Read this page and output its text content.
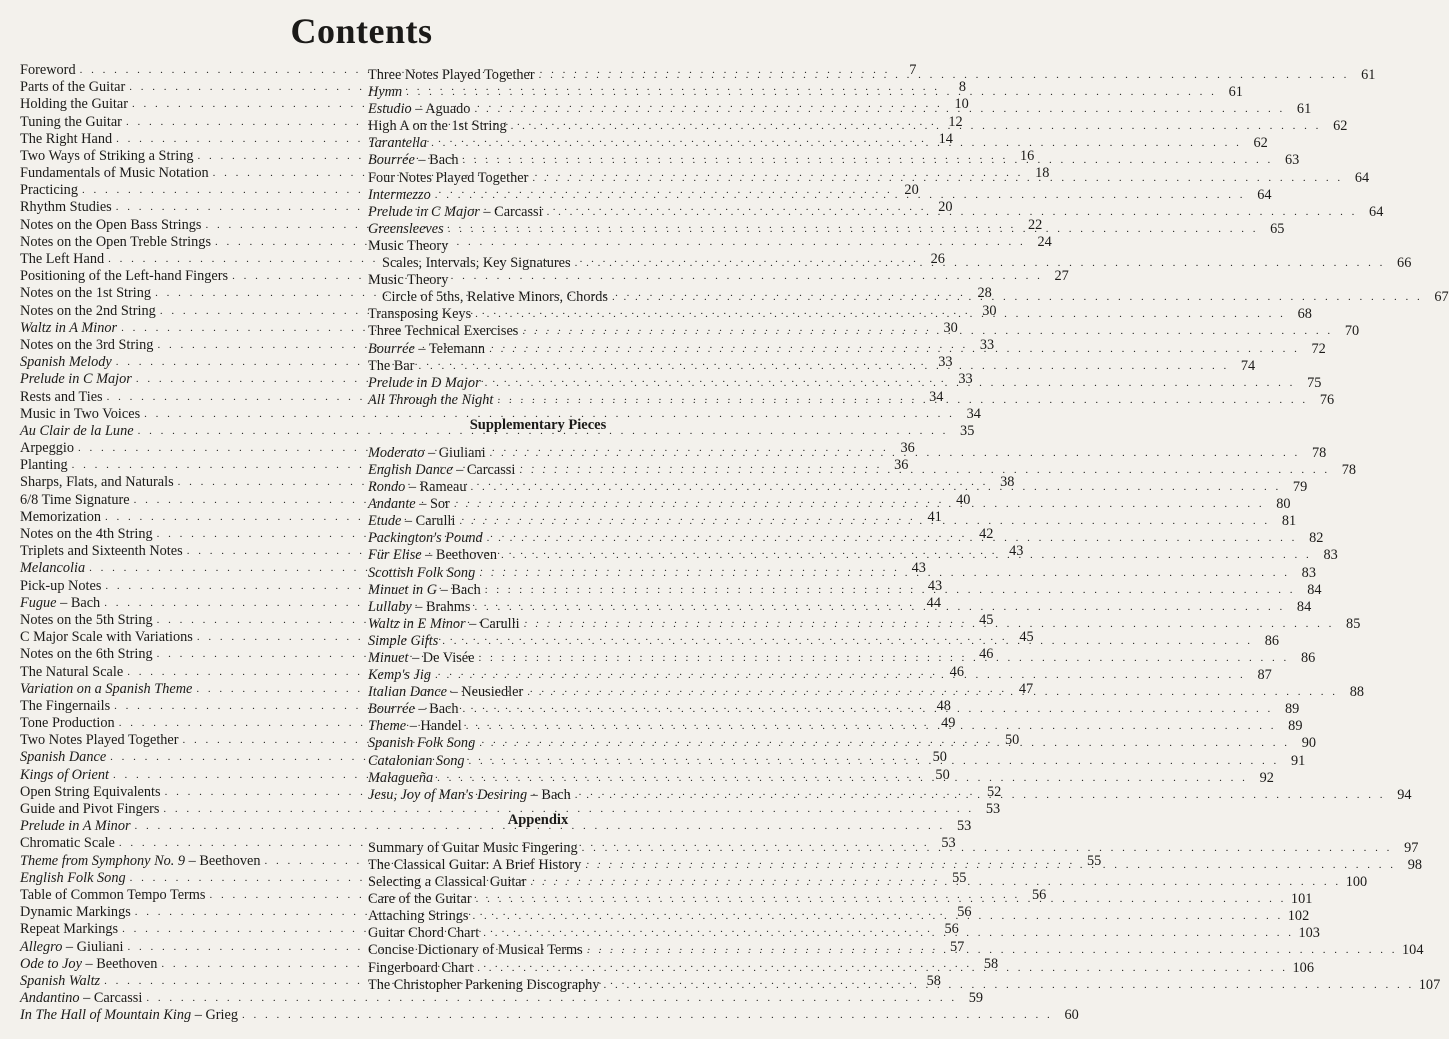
Contents
Foreword . . .	7
Parts of the Guitar . . .	8
Holding the Guitar . . .	10
Tuning the Guitar . . .	12
The Right Hand . . .	14
Two Ways of Striking a String . . .	16
Fundamentals of Music Notation . . .	18
Practicing . . .	20
Rhythm Studies . . .	20
Notes on the Open Bass Strings . . .	22
Notes on the Open Treble Strings . . .	24
The Left Hand . . .	26
Positioning of the Left-hand Fingers . . .	27
Notes on the 1st String . . .	28
Notes on the 2nd String . . .	30
Waltz in A Minor . . .	30
Notes on the 3rd String . . .	33
Spanish Melody . . .	33
Prelude in C Major . . .	33
Rests and Ties . . .	34
Music in Two Voices . . .	34
Au Clair de la Lune . . .	35
Arpeggio . . .	36
Planting . . .	36
Sharps, Flats, and Naturals . . .	38
6/8 Time Signature . . .	40
Memorization . . .	41
Notes on the 4th String . . .	42
Triplets and Sixteenth Notes . . .	43
Melancolia . . .	43
Pick-up Notes . . .	43
Fugue – Bach . . .	44
Notes on the 5th String . . .	45
C Major Scale with Variations . . .	45
Notes on the 6th String . . .	46
The Natural Scale . . .	46
Variation on a Spanish Theme . . .	47
The Fingernails . . .	48
Tone Production . . .	49
Two Notes Played Together . . .	50
Spanish Dance . . .	50
Kings of Orient . . .	50
Open String Equivalents . . .	52
Guide and Pivot Fingers . . .	53
Prelude in A Minor . . .	53
Chromatic Scale . . .	53
Theme from Symphony No. 9 – Beethoven . . .	55
English Folk Song . . .	55
Table of Common Tempo Terms . . .	56
Dynamic Markings . . .	56
Repeat Markings . . .	56
Allegro – Giuliani . . .	57
Ode to Joy – Beethoven . . .	58
Spanish Waltz . . .	58
Andantino – Carcassi . . .	59
In The Hall of Mountain King – Grieg . . .	60
Three Notes Played Together . . .	61
Hymn . . .	61
Estudio – Aguado . . .	61
High A on the 1st String . . .	62
Tarantella . . .	62
Bourrée – Bach . . .	63
Four Notes Played Together . . .	64
Intermezzo . . .	64
Prelude in C Major – Carcassi . . .	64
Greensleeves . . .	65
Music Theory
Scales, Intervals, Key Signatures . . .	66
Music Theory
Circle of 5ths, Relative Minors, Chords . . .	67
Transposing Keys . . .	68
Three Technical Exercises . . .	70
Bourrée – Telemann . . .	72
The Bar . . .	74
Prelude in D Major . . .	75
All Through the Night . . .	76
Supplementary Pieces
Moderato – Giuliani . . .	78
English Dance – Carcassi . . .	78
Rondo – Rameau . . .	79
Andante – Sor . . .	80
Etude – Carulli . . .	81
Packington's Pound . . .	82
Für Elise – Beethoven . . .	83
Scottish Folk Song . . .	83
Minuet in G – Bach . . .	84
Lullaby – Brahms . . .	84
Waltz in E Minor – Carulli . . .	85
Simple Gifts . . .	86
Minuet – De Visée . . .	86
Kemp's Jig . . .	87
Italian Dance – Neusiedler . . .	88
Bourrée – Bach . . .	89
Theme – Handel . . .	89
Spanish Folk Song . . .	90
Catalonian Song . . .	91
Malagueña . . .	92
Jesu, Joy of Man's Desiring – Bach . . .	94
Appendix
Summary of Guitar Music Fingering . . .	97
The Classical Guitar: A Brief History . . .	98
Selecting a Classical Guitar . . .	100
Care of the Guitar . . .	101
Attaching Strings . . .	102
Guitar Chord Chart . . .	103
Concise Dictionary of Musical Terms . . .	104
Fingerboard Chart . . .	106
The Christopher Parkening Discography . . .	107
